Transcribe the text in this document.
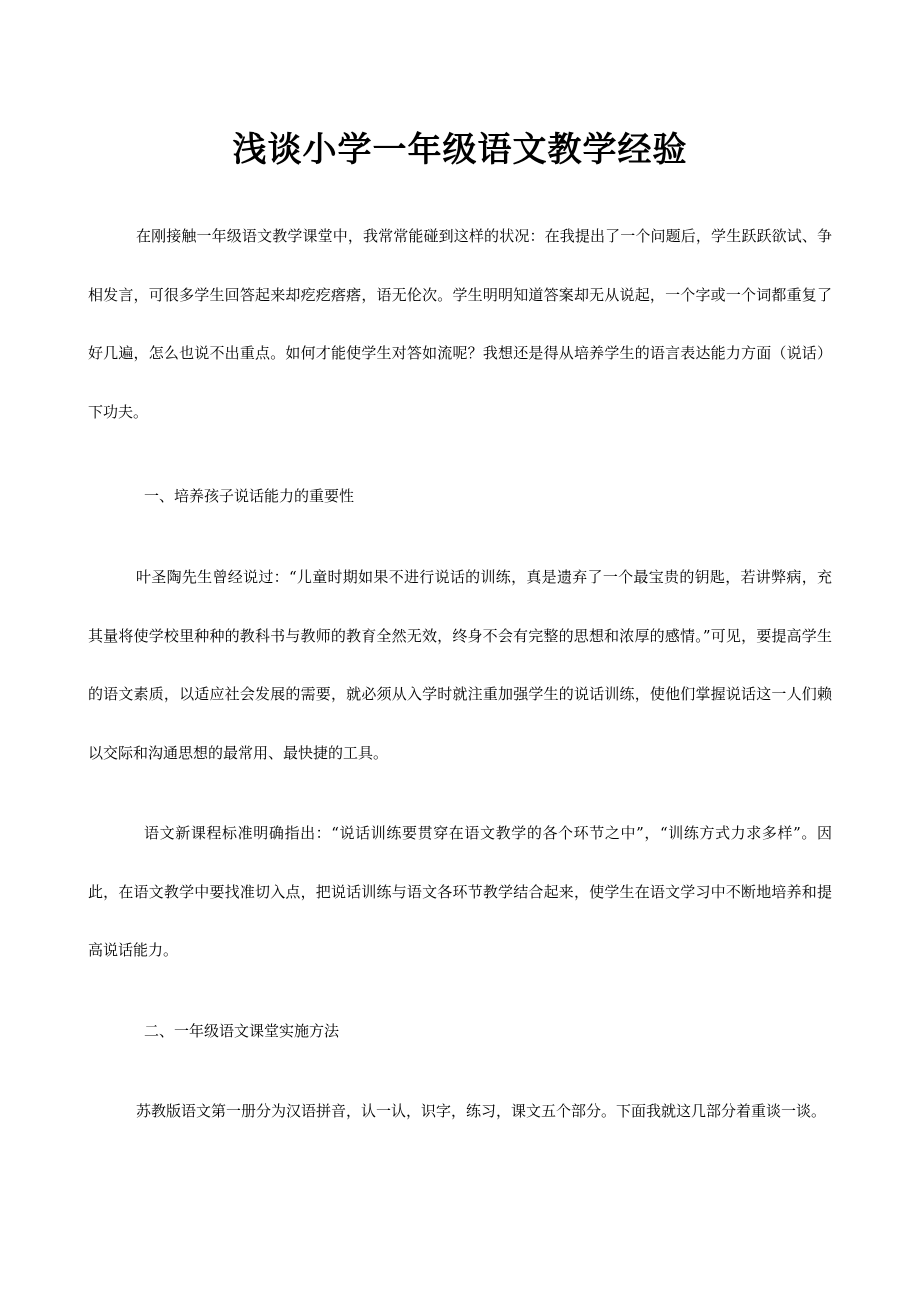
浅谈小学一年级语文教学经验

在刚接触一年级语文教学课堂中，我常常能碰到这样的状况：在我提出了一个问题后，学生跃跃欲试、争相发言，可很多学生回答起来却疙疙瘩瘩，语无伦次。学生明明知道答案却无从说起，一个字或一个词都重复了好几遍，怎么也说不出重点。如何才能使学生对答如流呢？我想还是得从培养学生的语言表达能力方面（说话）下功夫。

一、培养孩子说话能力的重要性

叶圣陶先生曾经说过：“儿童时期如果不进行说话的训练，真是遗弃了一个最宝贵的钥匙，若讲弊病，充其量将使学校里种种的教科书与教师的教育全然无效，终身不会有完整的思想和浓厚的感情。”可见，要提高学生的语文素质，以适应社会发展的需要，就必须从入学时就注重加强学生的说话训练，使他们掌握说话这一人们赖以交际和沟通思想的最常用、最快捷的工具。

语文新课程标准明确指出：“说话训练要贯穿在语文教学的各个环节之中”，“训练方式力求多样”。因此，在语文教学中要找准切入点，把说话训练与语文各环节教学结合起来，使学生在语文学习中不断地培养和提高说话能力。

二、一年级语文课堂实施方法

苏教版语文第一册分为汉语拼音，认一认，识字，练习，课文五个部分。下面我就这几部分着重谈一谈。
